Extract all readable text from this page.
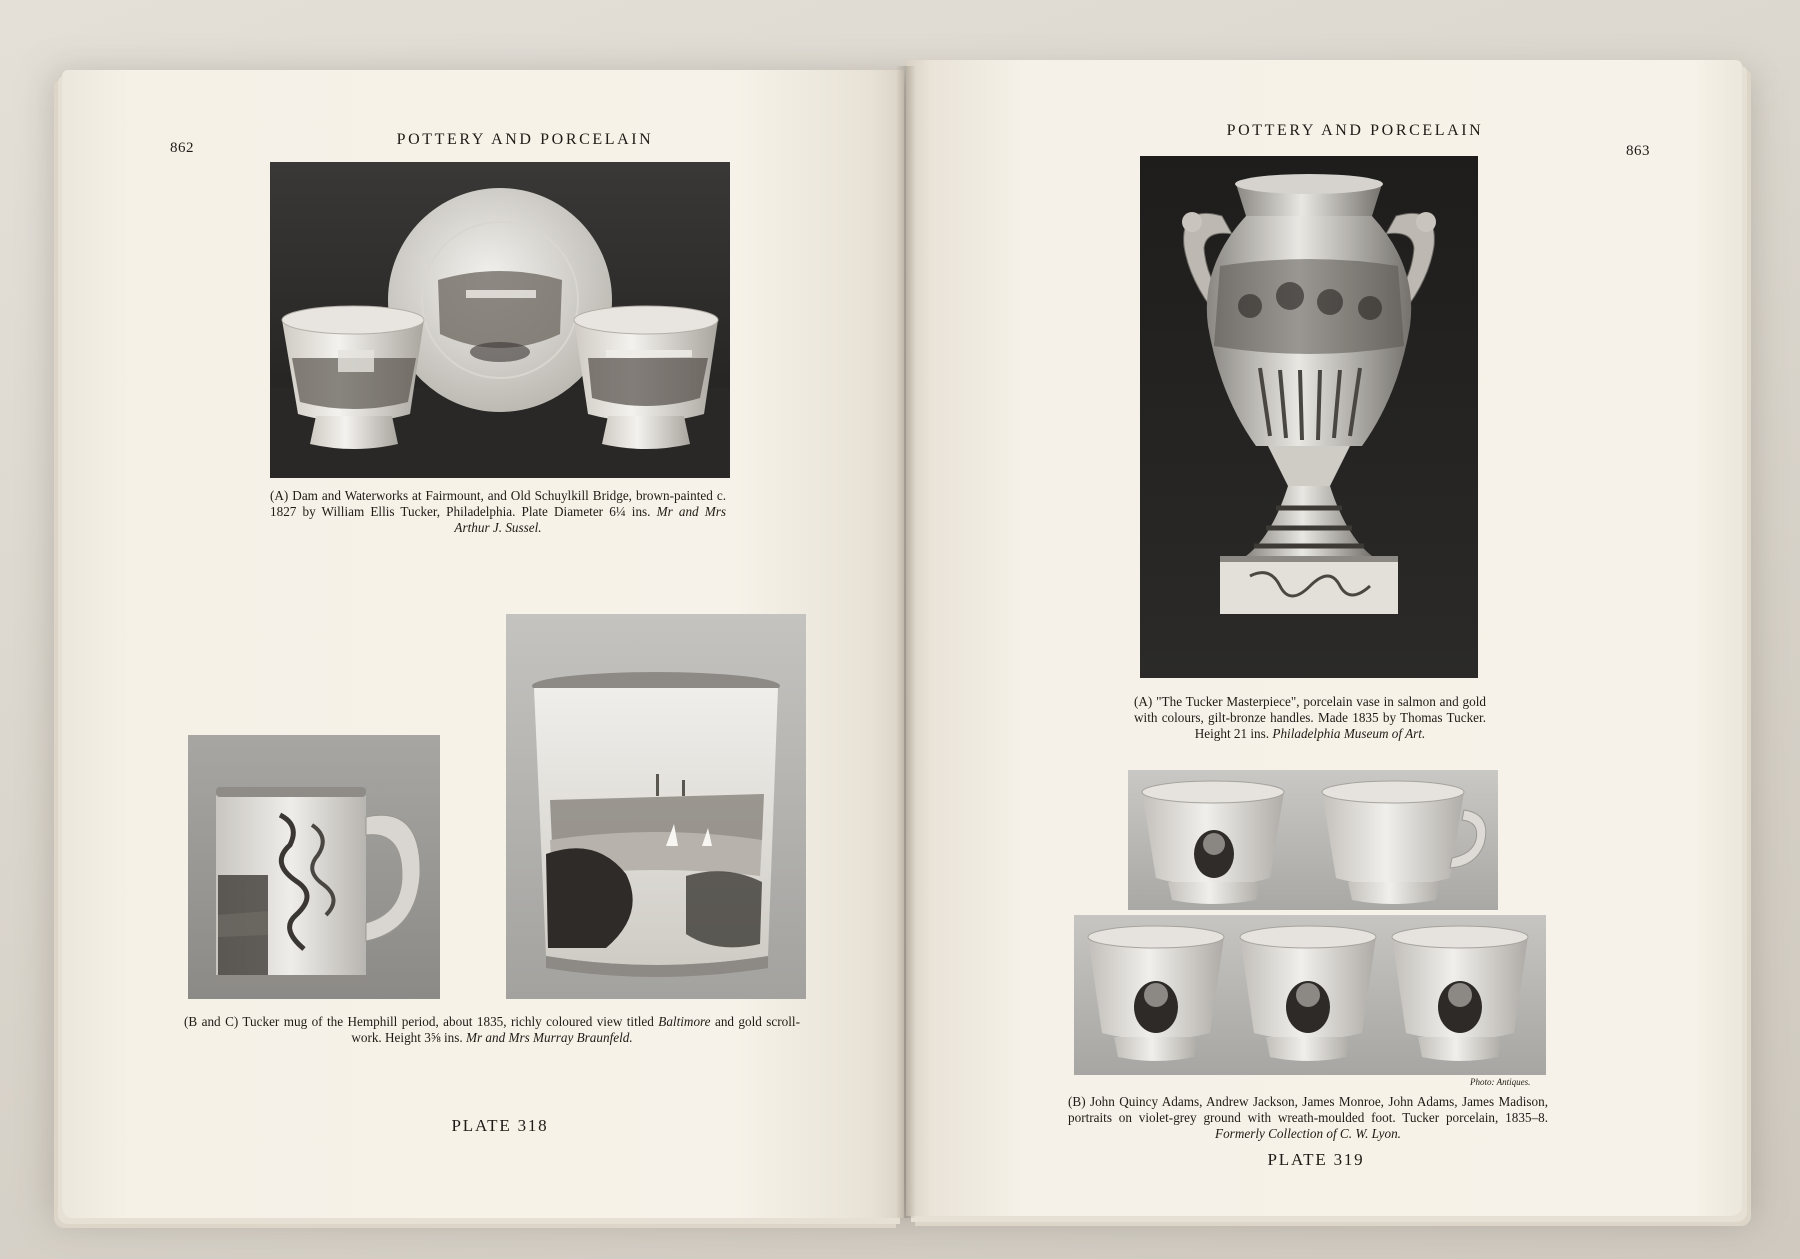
862	POTTERY AND PORCELAIN
(A) Dam and Waterworks at Fairmount, and Old Schuylkill Bridge, brown-painted c. 1827 by William Ellis Tucker, Philadelphia. Plate Diameter 6¼ ins. Mr and Mrs Arthur J. Sussel.
(B and C) Tucker mug of the Hemphill period, about 1835, richly coloured view titled Baltimore and gold scroll-work. Height 3⅝ ins. Mr and Mrs Murray Braunfeld.
PLATE 318
POTTERY AND PORCELAIN
863
(A) "The Tucker Masterpiece", porcelain vase in salmon and gold with colours, gilt-bronze handles. Made 1835 by Thomas Tucker. Height 21 ins. Philadelphia Museum of Art.
Photo: Antiques.
(B) John Quincy Adams, Andrew Jackson, James Monroe, John Adams, James Madison, portraits on violet-grey ground with wreath-moulded foot. Tucker porcelain, 1835–8. Formerly Collection of C. W. Lyon.
PLATE 319
